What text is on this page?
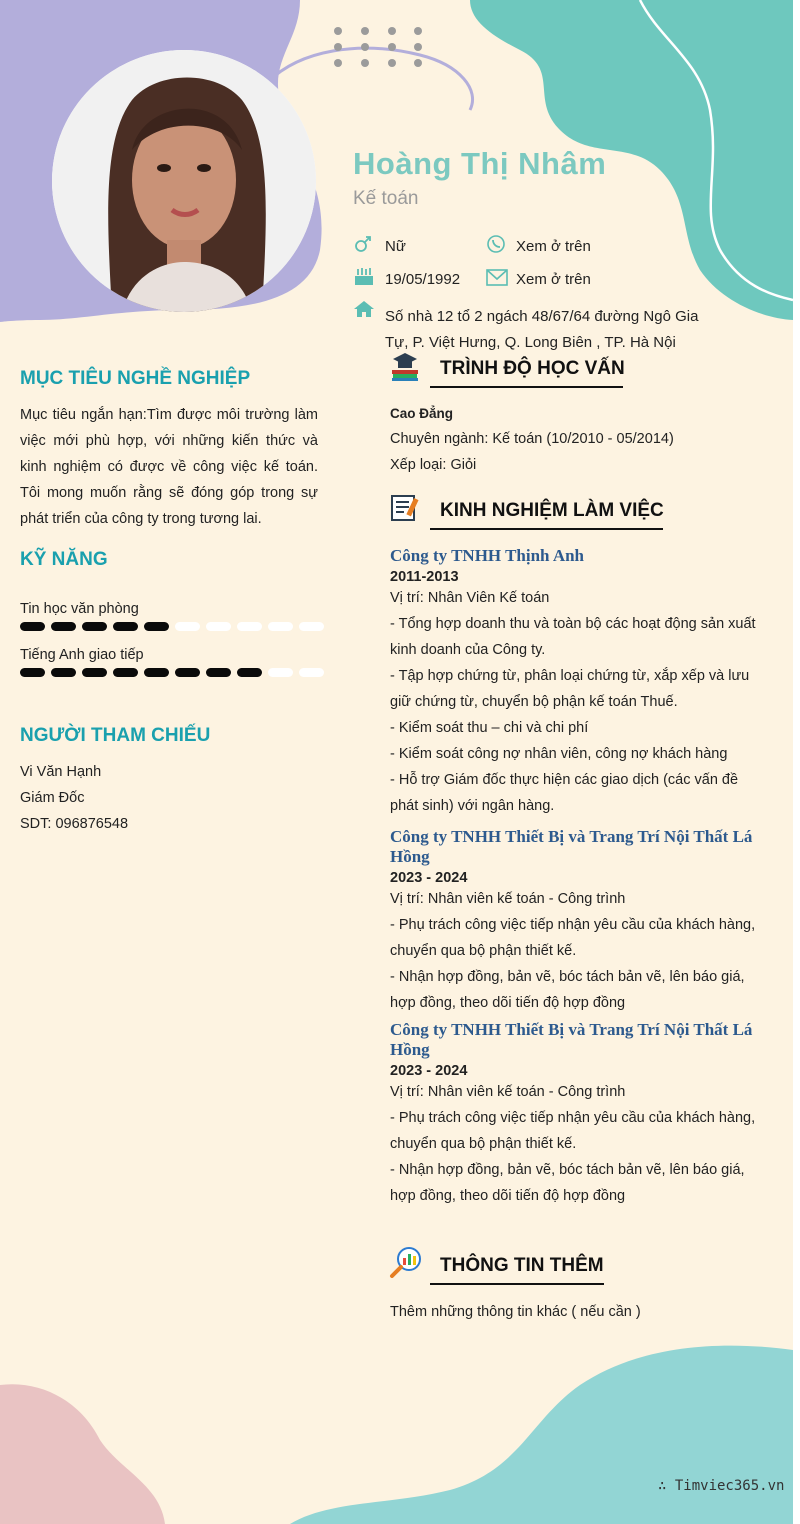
Hoàng Thị Nhâm
Kế toán
Nữ	Xem ở trên
19/05/1992	Xem ở trên
Số nhà 12 tổ 2 ngách 48/67/64 đường Ngô Gia
Tự, P. Việt Hưng, Q. Long Biên , TP. Hà Nội
MỤC TIÊU NGHỀ NGHIỆP
Mục tiêu ngắn hạn:Tìm được môi trường làm việc mới phù hợp, với những kiến thức và kinh nghiệm có được về công việc kế toán. Tôi mong muốn rằng sẽ đóng góp trong sự phát triển của công ty trong tương lai.
KỸ NĂNG
Tin học văn phòng
Tiếng Anh giao tiếp
NGƯỜI THAM CHIẾU
Vi Văn Hạnh
Giám Đốc
SDT: 096876548
TRÌNH ĐỘ HỌC VẤN
Cao Đẳng
Chuyên ngành: Kế toán (10/2010 - 05/2014)
Xếp loại: Giỏi
KINH NGHIỆM LÀM VIỆC
Công ty TNHH Thịnh Anh
2011-2013
Vị trí: Nhân Viên Kế toán
- Tổng hợp doanh thu và toàn bộ các hoạt động sản xuất kinh doanh của Công ty.
- Tập hợp chứng từ, phân loại chứng từ, xắp xếp và lưu giữ chứng từ, chuyển bộ phận kế toán Thuế.
- Kiểm soát thu – chi và chi phí
- Kiểm soát công nợ nhân viên, công nợ khách hàng
- Hỗ trợ Giám đốc thực hiện các giao dịch (các vấn đề phát sinh) với ngân hàng.
Công ty TNHH Thiết Bị và Trang Trí Nội Thất Lá Hồng
2023 - 2024
Vị trí: Nhân viên kế toán - Công trình
- Phụ trách công việc tiếp nhận yêu cầu của khách hàng, chuyển qua bộ phận thiết kế.
- Nhận hợp đồng, bản vẽ, bóc tách bản vẽ, lên báo giá, hợp đồng, theo dõi tiến độ hợp đồng
Công ty TNHH Thiết Bị và Trang Trí Nội Thất Lá Hồng
2023 - 2024
Vị trí: Nhân viên kế toán - Công trình
- Phụ trách công việc tiếp nhận yêu cầu của khách hàng, chuyển qua bộ phận thiết kế.
- Nhận hợp đồng, bản vẽ, bóc tách bản vẽ, lên báo giá, hợp đồng, theo dõi tiến độ hợp đồng
THÔNG TIN THÊM
Thêm những thông tin khác ( nếu cần )
∴ Timviec365.vn
